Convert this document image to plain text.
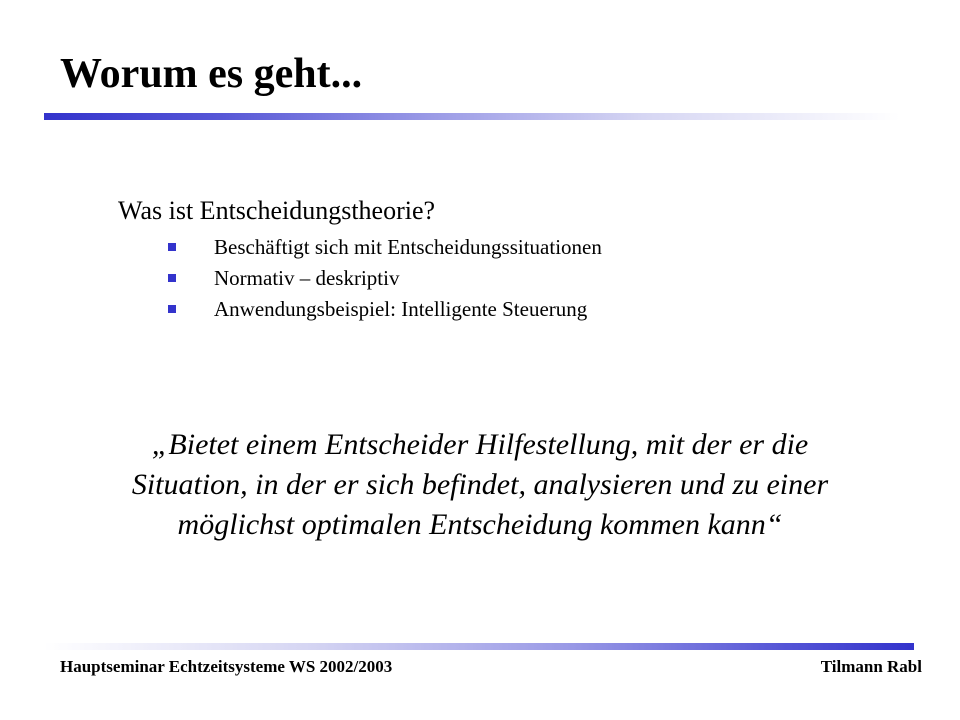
Worum es geht...
Was ist Entscheidungstheorie?
Beschäftigt sich mit Entscheidungssituationen
Normativ – deskriptiv
Anwendungsbeispiel: Intelligente Steuerung
„Bietet einem Entscheider Hilfestellung, mit der er die
Situation, in der er sich befindet, analysieren und zu einer
möglichst optimalen Entscheidung kommen kann“
Hauptseminar Echtzeitsysteme WS 2002/2003	Tilmann Rabl
